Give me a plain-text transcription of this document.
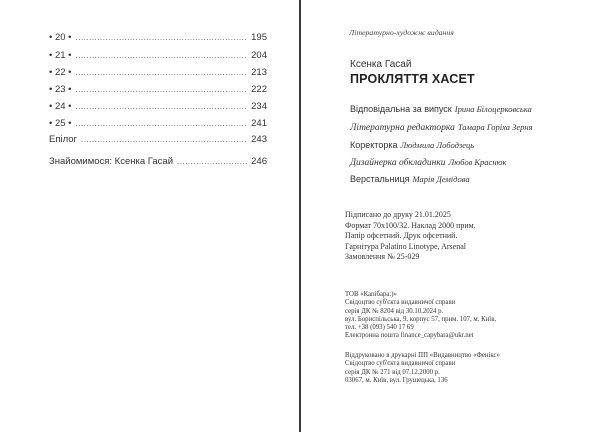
• 20 • .....	195
• 21 • .....	204
• 22 • .....	213
• 23 • .....	222
• 24 • .....	234
• 25 • .....	241
Епілог .....	243
Знайомимося: Ксенка Гасай .....	246
Літературно-художнє видання
Ксенка Гасай
ПРОКЛЯТТЯ ХАСЕТ
Відповідальна за випуск Ірина Білоцерковська
Літературна редакторка Тамара Горіха Зерня
Коректорка Людмила Лободзець
Дизайнерка обкладинки Любов Краснюк
Верстальниця Марія Демідова
Підписано до друку 21.01.2025
Формат 70х100/32. Наклад 2000 прим.
Папір офсетний. Друк офсетний.
Гарнітура Palatino Linotype, Arsenal
Замовлення № 25-029
ТОВ «Капібара:)»
Свідоцтво суб'єкта видавничої справи
серія ДК № 8204 від 30.10.2024 р.
вул. Бориспільська, 9, корпус 57, прим. 107, м. Київ,
тел. +38 (093) 540 17 69
Електронна пошта finance_capybara@ukr.net
Віддруковано в друкарні ПП «Видавництво «Фенікс»
Свідоцтво суб'єкта видавничої справи
серія ДК № 271 від 07.12.2000 р.
03067, м. Київ, вул. Грушецька, 136
